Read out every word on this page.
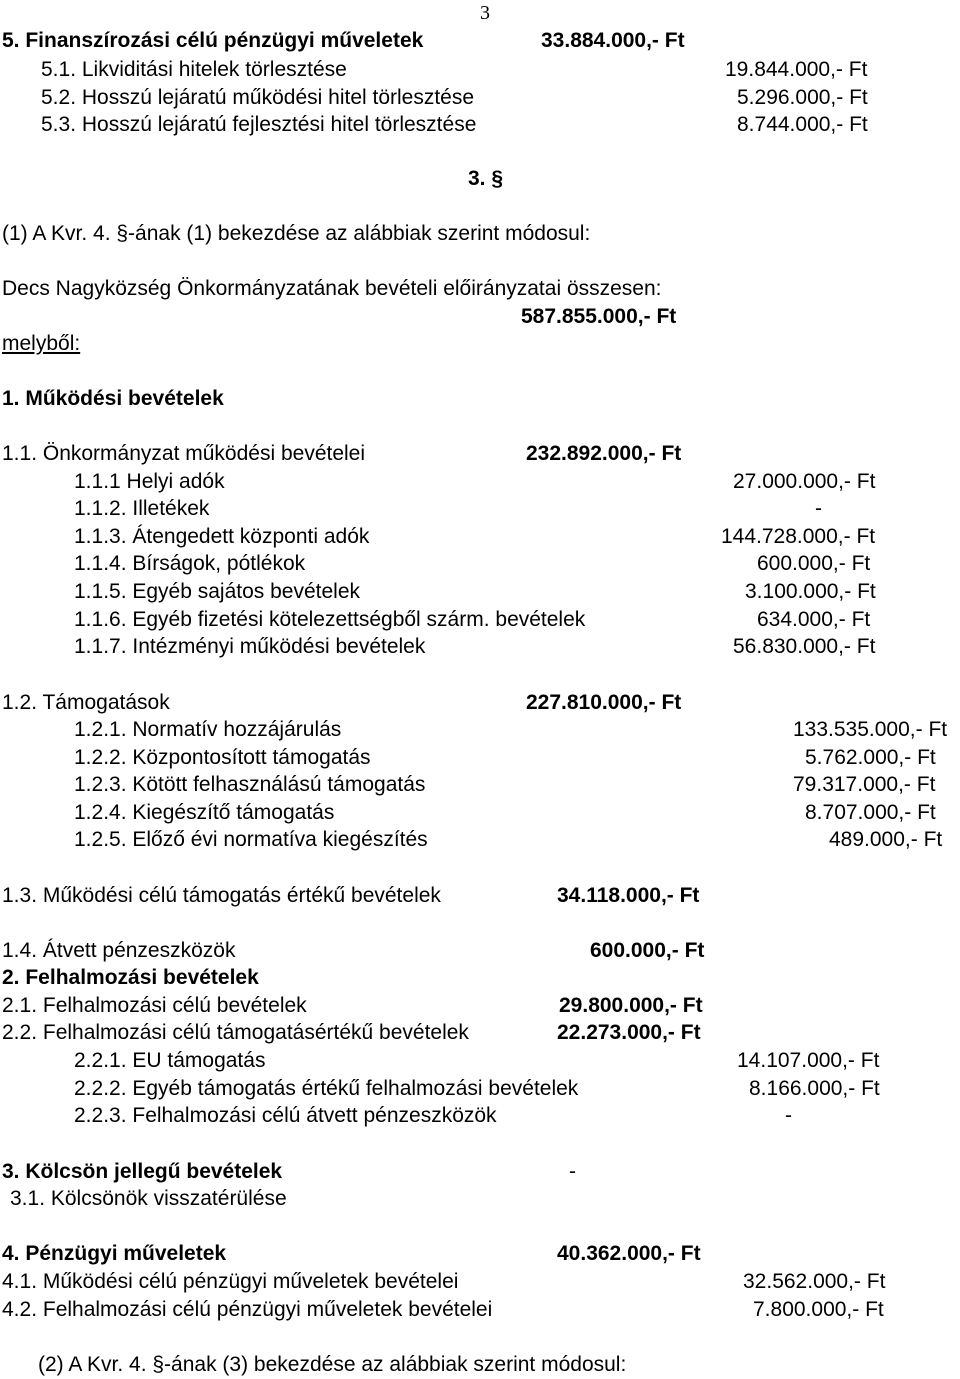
3
5. Finanszírozási célú pénzügyi műveletek	33.884.000,- Ft
5.1. Likviditási hitelek törlesztése	19.844.000,- Ft
5.2. Hosszú lejáratú működési hitel törlesztése	5.296.000,- Ft
5.3. Hosszú lejáratú fejlesztési hitel törlesztése	8.744.000,- Ft
3. §
(1) A Kvr. 4. §-ának (1) bekezdése az alábbiak szerint módosul:
Decs Nagyközség Önkormányzatának bevételi előirányzatai összesen:
587.855.000,- Ft
melyből:
1. Működési bevételek
1.1. Önkormányzat működési bevételei	232.892.000,- Ft
1.1.1 Helyi adók	27.000.000,- Ft
1.1.2. Illetékek	-
1.1.3. Átengedett központi adók	144.728.000,- Ft
1.1.4. Bírságok, pótlékok	600.000,- Ft
1.1.5. Egyéb sajátos bevételek	3.100.000,- Ft
1.1.6. Egyéb fizetési kötelezettségből szárm. bevételek	634.000,- Ft
1.1.7. Intézményi működési bevételek	56.830.000,- Ft
1.2. Támogatások	227.810.000,- Ft
1.2.1. Normatív hozzájárulás	133.535.000,- Ft
1.2.2. Központosított támogatás	5.762.000,- Ft
1.2.3. Kötött felhasználású támogatás	79.317.000,- Ft
1.2.4. Kiegészítő támogatás	8.707.000,- Ft
1.2.5. Előző évi normatíva kiegészítés	489.000,- Ft
1.3. Működési célú támogatás értékű bevételek	34.118.000,- Ft
1.4. Átvett pénzeszközök	600.000,- Ft
2. Felhalmozási bevételek
2.1. Felhalmozási célú bevételek	29.800.000,- Ft
2.2. Felhalmozási célú támogatásértékű bevételek	22.273.000,- Ft
2.2.1. EU támogatás	14.107.000,- Ft
2.2.2. Egyéb támogatás értékű felhalmozási bevételek	8.166.000,- Ft
2.2.3. Felhalmozási célú átvett pénzeszközök	-
3. Kölcsön jellegű bevételek	-
3.1. Kölcsönök visszatérülése
4. Pénzügyi műveletek	40.362.000,- Ft
4.1. Működési célú pénzügyi műveletek bevételei	32.562.000,- Ft
4.2. Felhalmozási célú pénzügyi műveletek bevételei	7.800.000,- Ft
(2) A Kvr. 4. §-ának (3) bekezdése az alábbiak szerint módosul:
